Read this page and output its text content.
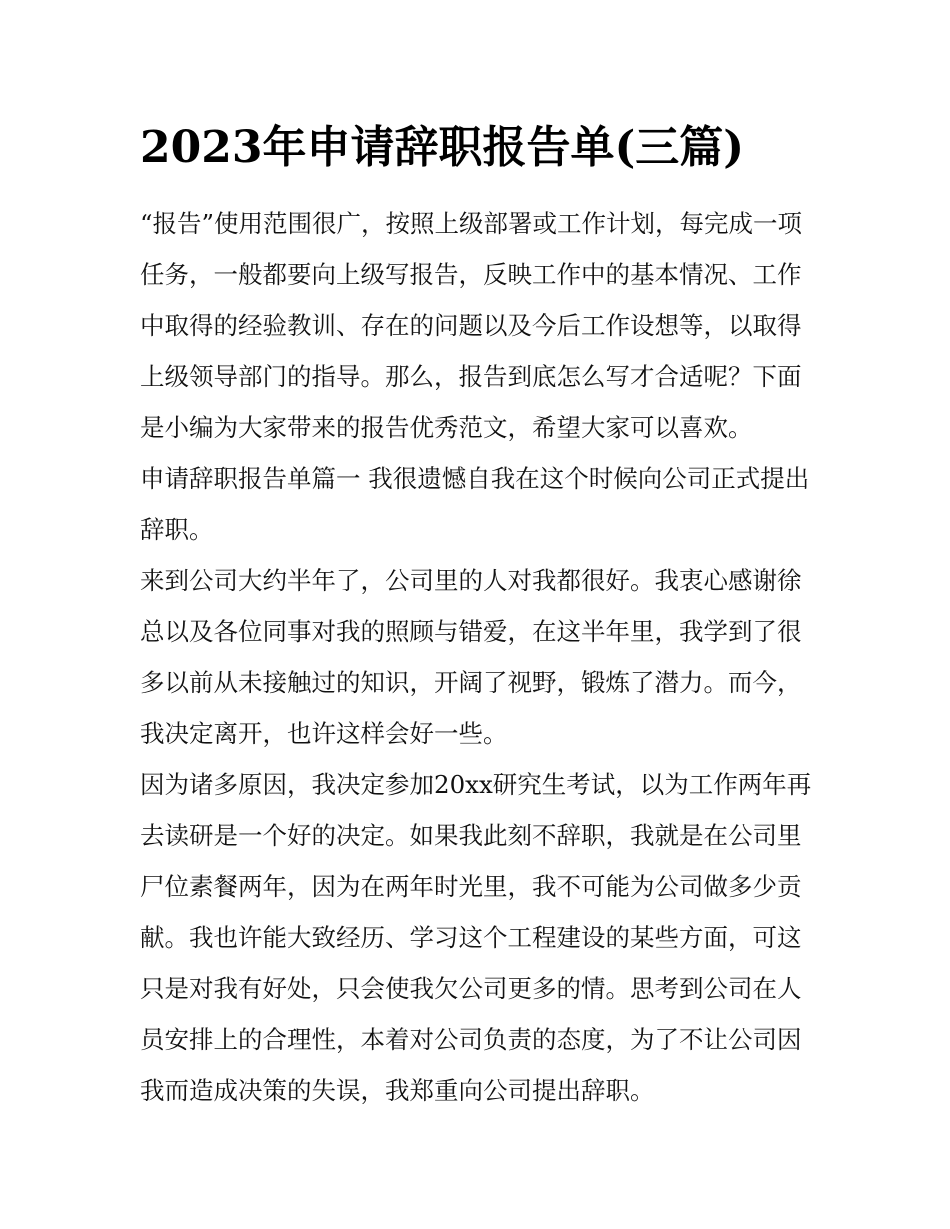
2023年申请辞职报告单(三篇)

“报告”使用范围很广，按照上级部署或工作计划，每完成一项任务，一般都要向上级写报告，反映工作中的基本情况、工作中取得的经验教训、存在的问题以及今后工作设想等，以取得上级领导部门的指导。那么，报告到底怎么写才合适呢？下面是小编为大家带来的报告优秀范文，希望大家可以喜欢。

申请辞职报告单篇一 我很遗憾自我在这个时候向公司正式提出辞职。

来到公司大约半年了，公司里的人对我都很好。我衷心感谢徐总以及各位同事对我的照顾与错爱，在这半年里，我学到了很多以前从未接触过的知识，开阔了视野，锻炼了潜力。而今，我决定离开，也许这样会好一些。

因为诸多原因，我决定参加20xx研究生考试，以为工作两年再去读研是一个好的决定。如果我此刻不辞职，我就是在公司里尸位素餐两年，因为在两年时光里，我不可能为公司做多少贡献。我也许能大致经历、学习这个工程建设的某些方面，可这只是对我有好处，只会使我欠公司更多的情。思考到公司在人员安排上的合理性，本着对公司负责的态度，为了不让公司因我而造成决策的失误，我郑重向公司提出辞职。
